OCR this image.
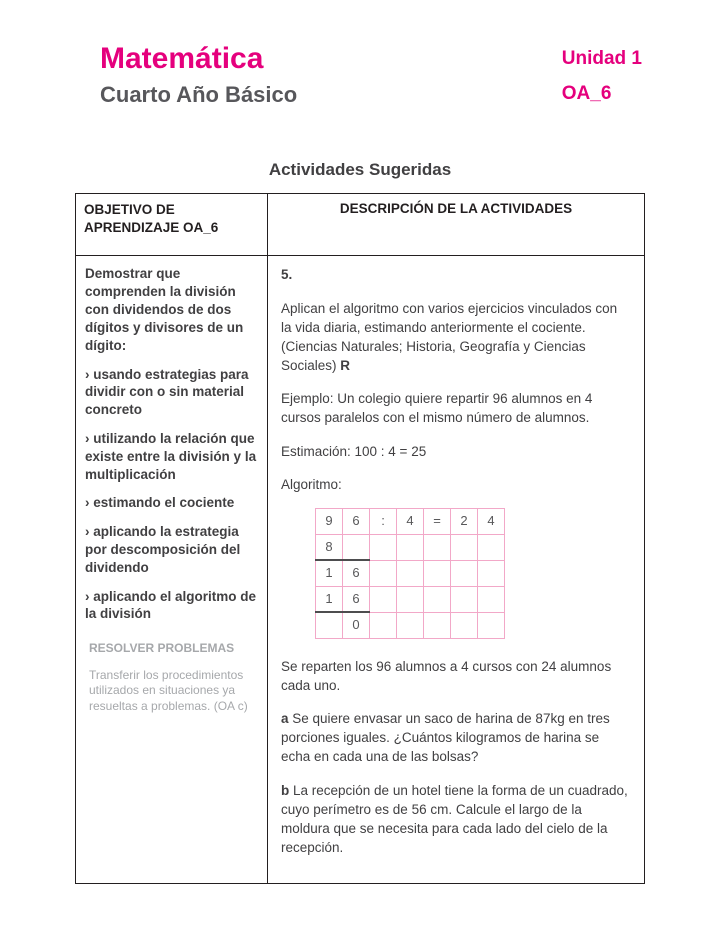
Matemática
Cuarto Año Básico
Unidad 1
OA_6
Actividades Sugeridas
OBJETIVO DE APRENDIZAJE OA_6	DESCRIPCIÓN DE LA ACTIVIDADES

Demostrar que comprenden la división con dividendos de dos dígitos y divisores de un dígito:

› usando estrategias para dividir con o sin material concreto

› utilizando la relación que existe entre la división y la multiplicación

› estimando el cociente

› aplicando la estrategia por descomposición del dividendo

› aplicando el algoritmo de la división

RESOLVER PROBLEMAS

Transferir los procedimientos utilizados en situaciones ya resueltas a problemas. (OA c)

5.

Aplican el algoritmo con varios ejercicios vinculados con la vida diaria, estimando anteriormente el cociente. (Ciencias Naturales; Historia, Geografía y Ciencias Sociales) R

Ejemplo: Un colegio quiere repartir 96 alumnos en 4 cursos paralelos con el mismo número de alumnos.

Estimación: 100 : 4 = 25

Algoritmo:

9	6	:	4	=	2	4
8						
1	6					
1	6					
	0					

Se reparten los 96 alumnos a 4 cursos con 24 alumnos cada uno.

a Se quiere envasar un saco de harina de 87kg en tres porciones iguales. ¿Cuántos kilogramos de harina se echa en cada una de las bolsas?

b La recepción de un hotel tiene la forma de un cuadrado, cuyo perímetro es de 56 cm. Calcule el largo de la moldura que se necesita para cada lado del cielo de la recepción.
